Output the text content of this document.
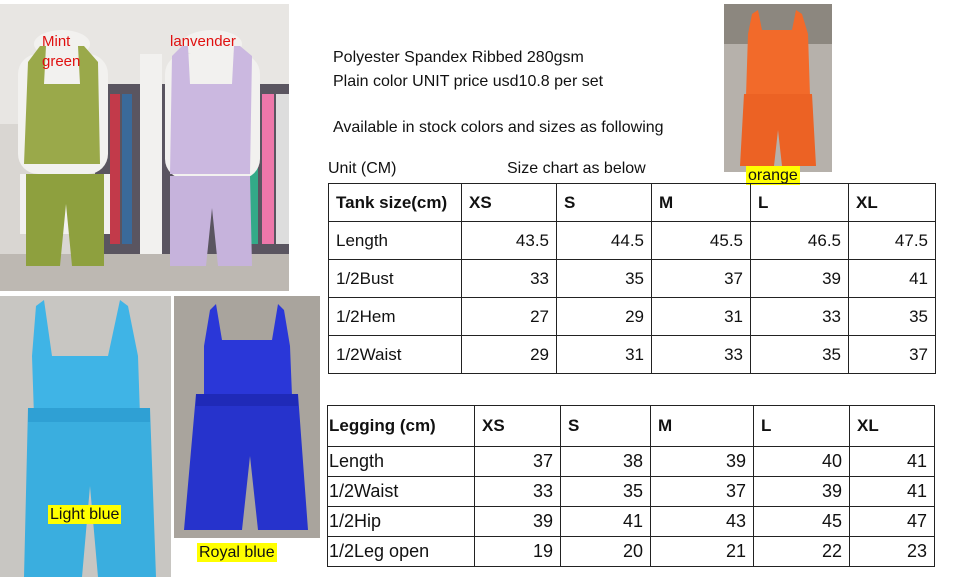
Mint
green
lanvender
orange
Light blue
Royal blue
Polyester Spandex Ribbed 280gsm
Plain color UNIT price usd10.8 per set
Available in stock colors and sizes as following
Unit (CM)	Size chart as below
Tank size(cm)	XS	S	M	L	XL
Length	43.5	44.5	45.5	46.5	47.5
1/2Bust	33	35	37	39	41
1/2Hem	27	29	31	33	35
1/2Waist	29	31	33	35	37
Legging (cm)	XS	S	M	L	XL
Length	37	38	39	40	41
1/2Waist	33	35	37	39	41
1/2Hip	39	41	43	45	47
1/2Leg open	19	20	21	22	23
